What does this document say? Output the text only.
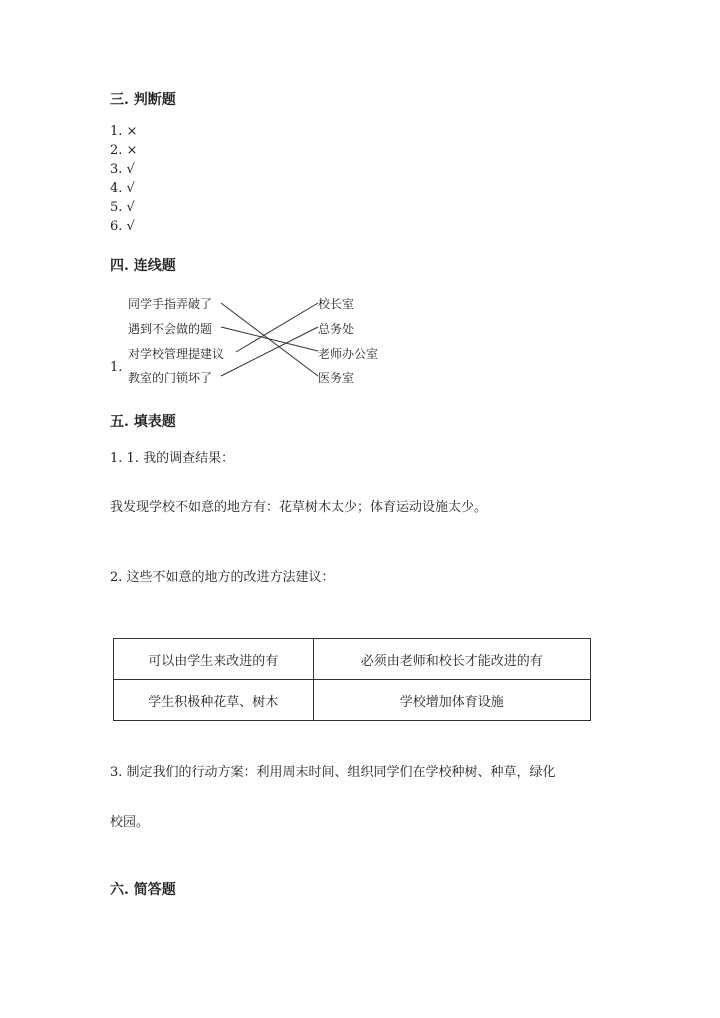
三. 判断题
1. ×
2. ×
3. √
4. √
5. √
6. √
四. 连线题
1.
同学手指弄破了
遇到不会做的题
对学校管理提建议
教室的门锁坏了
校长室
总务处
老师办公室
医务室
五. 填表题
1. 1. 我的调查结果：
我发现学校不如意的地方有：花草树木太少；体育运动设施太少。
2. 这些不如意的地方的改进方法建议：
可以由学生来改进的有	必须由老师和校长才能改进的有
学生积极种花草、树木	学校增加体育设施
3. 制定我们的行动方案：利用周末时间、组织同学们在学校种树、种草，绿化
校园。
六. 简答题
